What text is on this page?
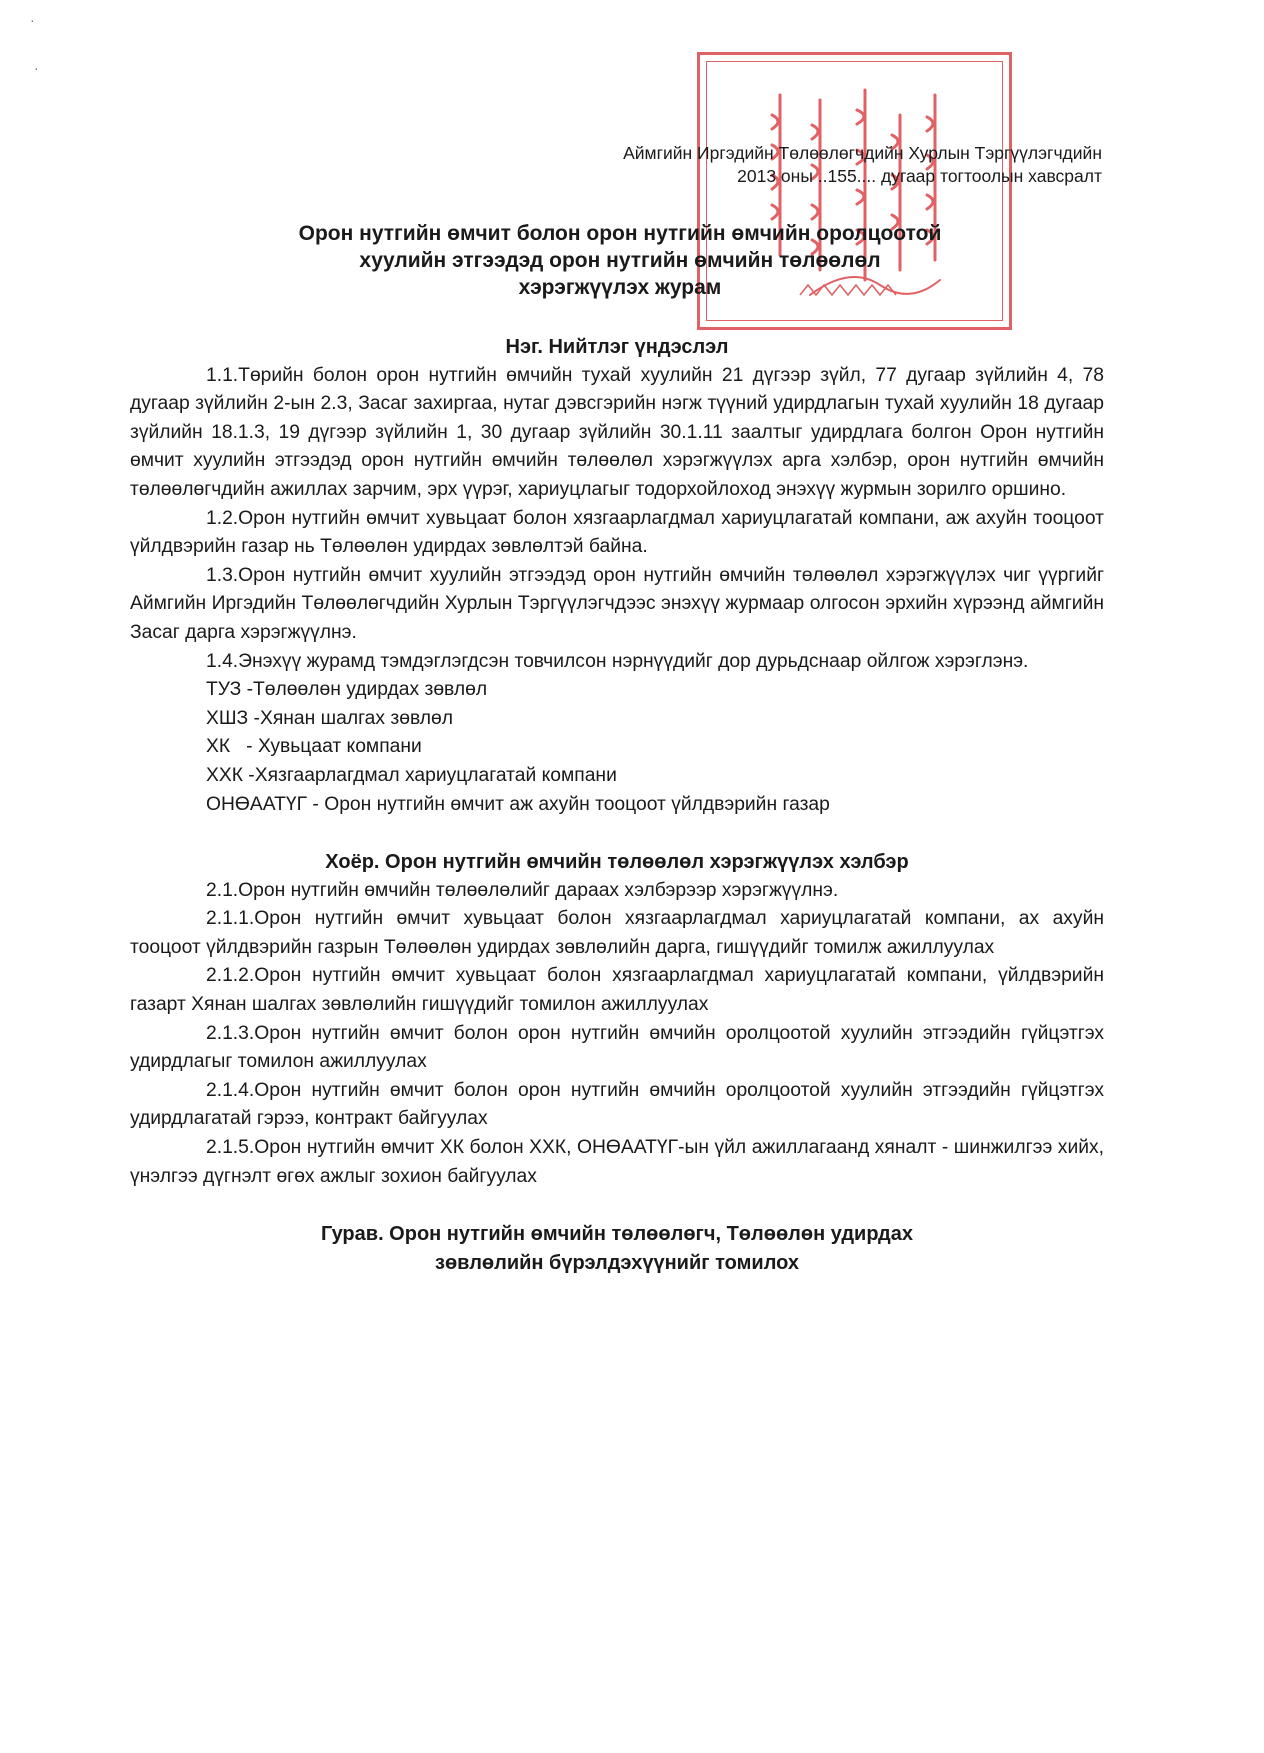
·
·
Аймгийн Иргэдийн Төлөөлөгчдийн Хурлын Тэргүүлэгчдийн
2013 оны ..155.... дугаар тогтоолын хавсралт
Орон нутгийн өмчит болон орон нутгийн өмчийн оролцоотой
хуулийн этгээдэд орон нутгийн өмчийн төлөөлөл
хэрэгжүүлэх журам

Нэг. Нийтлэг үндэслэл

1.1.Төрийн болон орон нутгийн өмчийн тухай хуулийн 21 дүгээр зүйл, 77 дугаар зүйлийн 4, 78 дугаар зүйлийн 2-ын 2.3, Засаг захиргаа, нутаг дэвсгэрийн нэгж түүний удирдлагын тухай хуулийн 18 дугаар зүйлийн 18.1.3, 19 дүгээр зүйлийн 1, 30 дугаар зүйлийн 30.1.11 заалтыг удирдлага болгон Орон нутгийн өмчит хуулийн этгээдэд орон нутгийн өмчийн төлөөлөл хэрэгжүүлэх арга хэлбэр, орон нутгийн өмчийн төлөөлөгчдийн ажиллах зарчим, эрх үүрэг, хариуцлагыг тодорхойлоход энэхүү журмын зорилго оршино.

1.2.Орон нутгийн өмчит хувьцаат болон хязгаарлагдмал хариуцлагатай компани, аж ахуйн тооцоот үйлдвэрийн газар нь Төлөөлөн удирдах зөвлөлтэй байна.

1.3.Орон нутгийн өмчит хуулийн этгээдэд орон нутгийн өмчийн төлөөлөл хэрэгжүүлэх чиг үүргийг Аймгийн Иргэдийн Төлөөлөгчдийн Хурлын Тэргүүлэгчдээс энэхүү журмаар олгосон эрхийн хүрээнд аймгийн Засаг дарга хэрэгжүүлнэ.

1.4.Энэхүү журамд тэмдэглэгдсэн товчилсон нэрнүүдийг дор дурьдснаар ойлгож хэрэглэнэ.

ТУЗ -Төлөөлөн удирдах зөвлөл

ХШЗ -Хянан шалгах зөвлөл

ХК   - Хувьцаат компани

ХХК -Хязгаарлагдмал хариуцлагатай компани

ОНӨААТҮГ - Орон нутгийн өмчит аж ахуйн тооцоот үйлдвэрийн газар

Хоёр. Орон нутгийн өмчийн төлөөлөл хэрэгжүүлэх хэлбэр

2.1.Орон нутгийн өмчийн төлөөлөлийг дараах хэлбэрээр хэрэгжүүлнэ.

2.1.1.Орон нутгийн өмчит хувьцаат болон хязгаарлагдмал хариуцлагатай компани, ах ахуйн тооцоот үйлдвэрийн газрын Төлөөлөн удирдах зөвлөлийн дарга, гишүүдийг томилж ажиллуулах

2.1.2.Орон нутгийн өмчит хувьцаат болон хязгаарлагдмал хариуцлагатай компани, үйлдвэрийн газарт Хянан шалгах зөвлөлийн гишүүдийг томилон ажиллуулах

2.1.3.Орон нутгийн өмчит болон орон нутгийн өмчийн оролцоотой хуулийн этгээдийн гүйцэтгэх удирдлагыг томилон ажиллуулах

2.1.4.Орон нутгийн өмчит болон орон нутгийн өмчийн оролцоотой хуулийн этгээдийн гүйцэтгэх удирдлагатай гэрээ, контракт байгуулах

2.1.5.Орон нутгийн өмчит ХК болон ХХК, ОНӨААТҮГ-ын үйл ажиллагаанд хяналт - шинжилгээ хийх, үнэлгээ дүгнэлт өгөх ажлыг зохион байгуулах

Гурав. Орон нутгийн өмчийн төлөөлөгч, Төлөөлөн удирдах
зөвлөлийн бүрэлдэхүүнийг томилох
